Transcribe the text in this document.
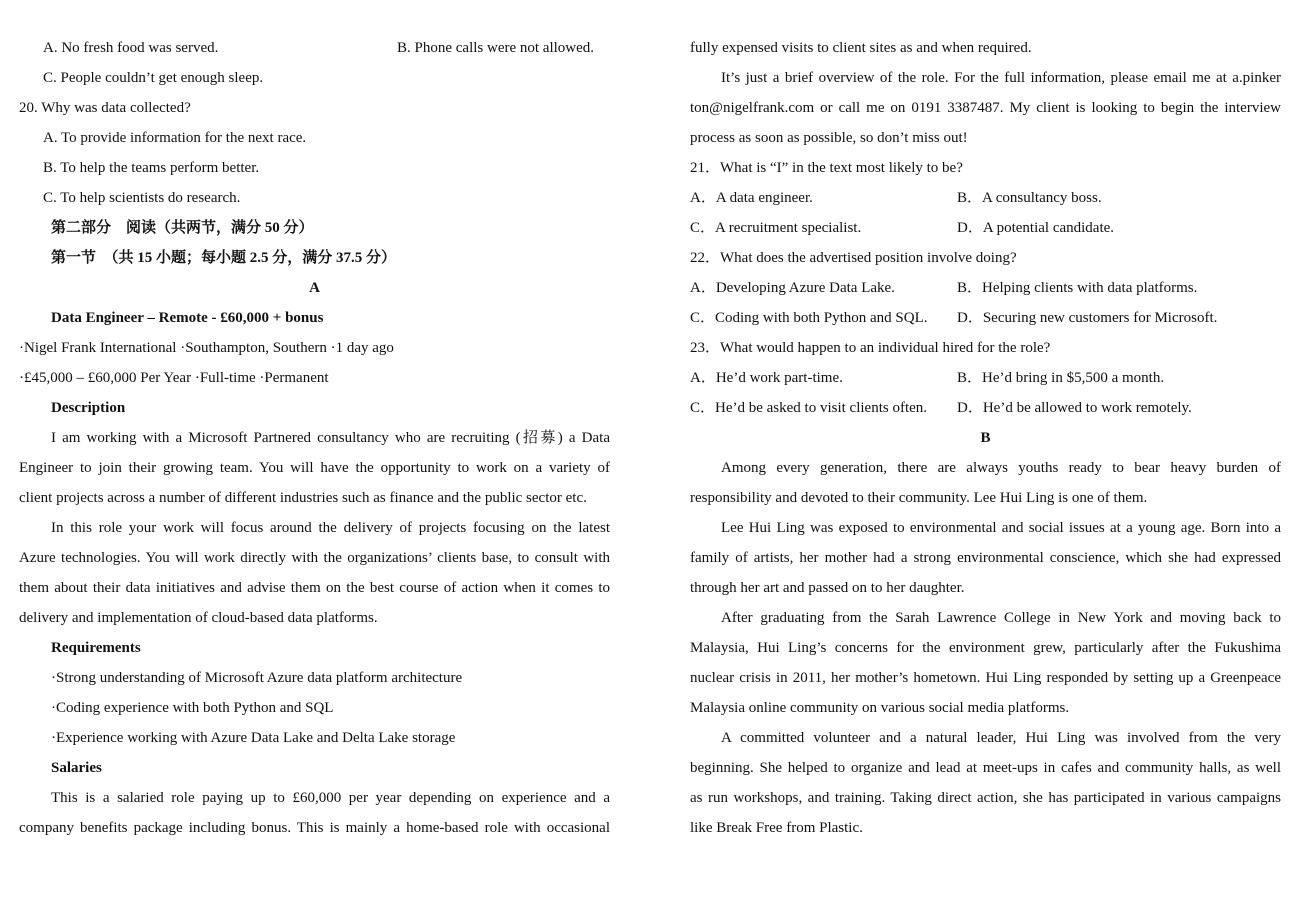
A. No fresh food was served.	B. Phone calls were not allowed.
C. People couldn’t get enough sleep.
20. Why was data collected?
A. To provide information for the next race.
B. To help the teams perform better.
C. To help scientists do research.
第二部分　阅读（共两节，满分 50 分）
第一节　（共 15 小题；每小题 2.5 分，满分 37.5 分）
A
Data Engineer – Remote - £60,000 + bonus
·Nigel Frank International ·Southampton, Southern ·1 day ago
·£45,000 – £60,000 Per Year ·Full-time ·Permanent
Description
I am working with a Microsoft Partnered consultancy who are recruiting (招募) a Data
Engineer to join their growing team. You will have the opportunity to work on a variety of
client projects across a number of different industries such as finance and the public sector etc.
In this role your work will focus around the delivery of projects focusing on the latest
Azure technologies. You will work directly with the organizations’ clients base, to consult with
them about their data initiatives and advise them on the best course of action when it comes to
delivery and implementation of cloud-based data platforms.
Requirements
·Strong understanding of Microsoft Azure data platform architecture
·Coding experience with both Python and SQL
·Experience working with Azure Data Lake and Delta Lake storage
Salaries
This is a salaried role paying up to £60,000 per year depending on experience and a
company benefits package including bonus. This is mainly a home-based role with occasional
fully expensed visits to client sites as and when required.
It’s just a brief overview of the role. For the full information, please email me at a.pinker
ton@nigelfrank.com or call me on 0191 3387487. My client is looking to begin the interview
process as soon as possible, so don’t miss out!
21．What is “I” in the text most likely to be?
A．A data engineer.	B．A consultancy boss.
C．A recruitment specialist.	D．A potential candidate.
22．What does the advertised position involve doing?
A．Developing Azure Data Lake.	B．Helping clients with data platforms.
C．Coding with both Python and SQL.	D．Securing new customers for Microsoft.
23．What would happen to an individual hired for the role?
A．He’d work part-time.	B．He’d bring in $5,500 a month.
C．He’d be asked to visit clients often.	D．He’d be allowed to work remotely.
B
Among every generation, there are always youths ready to bear heavy burden of
responsibility and devoted to their community. Lee Hui Ling is one of them.
Lee Hui Ling was exposed to environmental and social issues at a young age. Born into a
family of artists, her mother had a strong environmental conscience, which she had expressed
through her art and passed on to her daughter.
After graduating from the Sarah Lawrence College in New York and moving back to
Malaysia, Hui Ling’s concerns for the environment grew, particularly after the Fukushima
nuclear crisis in 2011, her mother’s hometown. Hui Ling responded by setting up a Greenpeace
Malaysia online community on various social media platforms.
A committed volunteer and a natural leader, Hui Ling was involved from the very
beginning. She helped to organize and lead at meet-ups in cafes and community halls, as well
as run workshops, and training. Taking direct action, she has participated in various campaigns
like Break Free from Plastic.
